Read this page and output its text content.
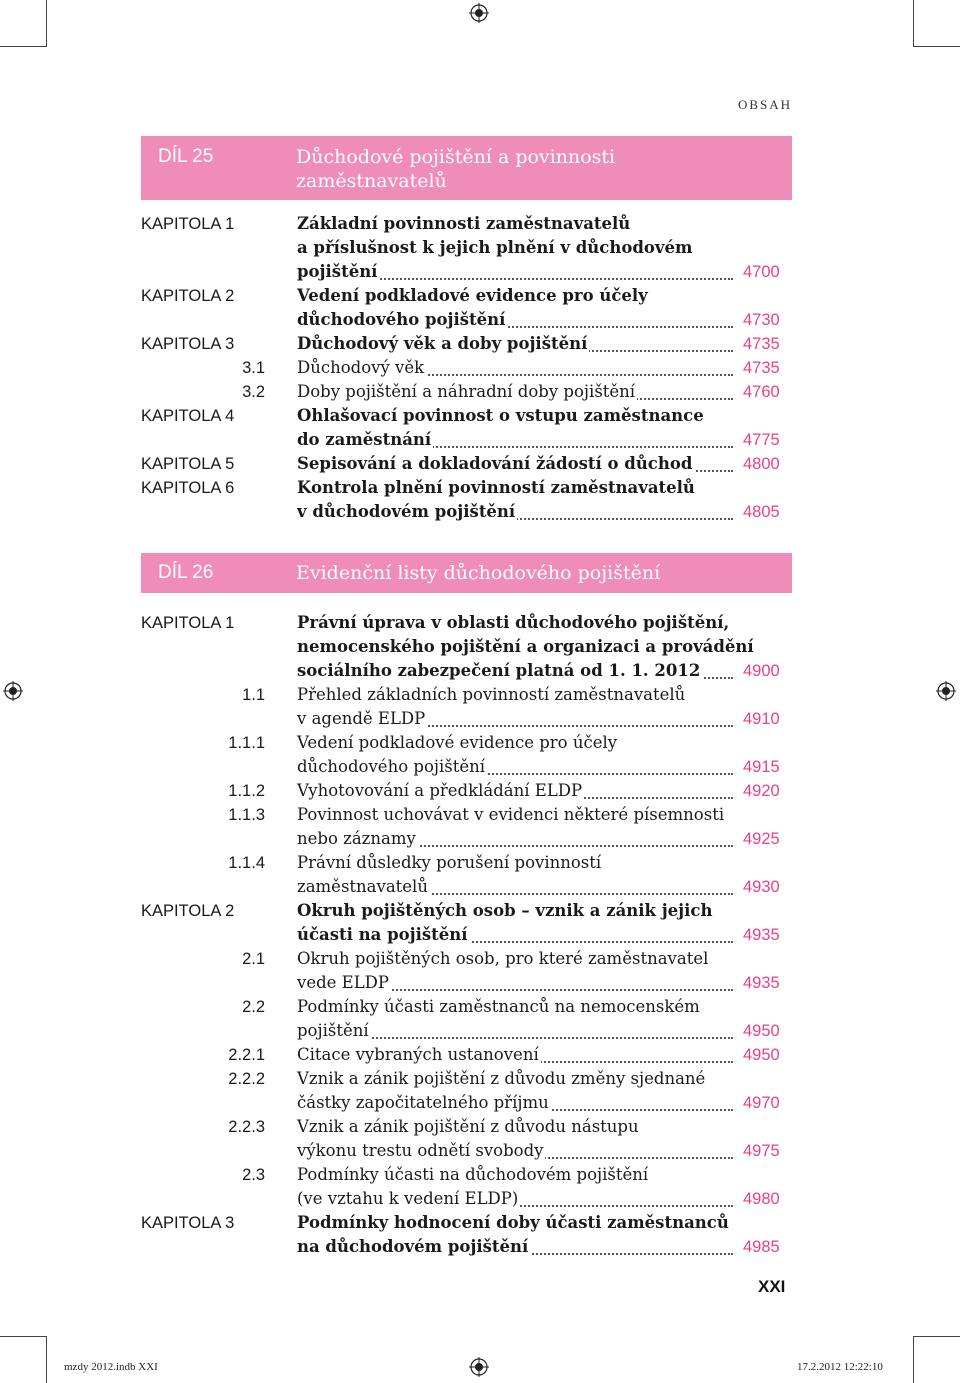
OBSAH
DÍL 25	Důchodové pojištění a povinnosti
zaměstnavatelů
KAPITOLA 1	Základní povinnosti zaměstnavatelů
a příslušnost k jejich plnění v důchodovém
pojištění	4700
KAPITOLA 2	Vedení podkladové evidence pro účely
důchodového pojištění	4730
KAPITOLA 3	Důchodový věk a doby pojištění	4735
3.1 Důchodový věk	4735
3.2 Doby pojištění a náhradní doby pojištění	4760
KAPITOLA 4	Ohlašovací povinnost o vstupu zaměstnance
do zaměstnání	4775
KAPITOLA 5	Sepisování a dokladování žádostí o důchod	4800
KAPITOLA 6	Kontrola plnění povinností zaměstnavatelů
v důchodovém pojištění	4805
DÍL 26	Evidenční listy důchodového pojištění
KAPITOLA 1	Právní úprava v oblasti důchodového pojištění,
nemocenského pojištění a organizaci a provádění
sociálního zabezpečení platná od 1. 1. 2012	4900
1.1 Přehled základních povinností zaměstnavatelů
v agendě ELDP	4910
1.1.1 Vedení podkladové evidence pro účely
důchodového pojištění	4915
1.1.2 Vyhotovování a předkládání ELDP	4920
1.1.3 Povinnost uchovávat v evidenci některé písemnosti
nebo záznamy	4925
1.1.4 Právní důsledky porušení povinností
zaměstnavatelů	4930
KAPITOLA 2	Okruh pojištěných osob – vznik a zánik jejich
účasti na pojištění	4935
2.1 Okruh pojištěných osob, pro které zaměstnavatel
vede ELDP	4935
2.2 Podmínky účasti zaměstnanců na nemocenském
pojištění	4950
2.2.1 Citace vybraných ustanovení	4950
2.2.2 Vznik a zánik pojištění z důvodu změny sjednané
částky započitatelného příjmu	4970
2.2.3 Vznik a zánik pojištění z důvodu nástupu
výkonu trestu odnětí svobody	4975
2.3 Podmínky účasti na důchodovém pojištění
(ve vztahu k vedení ELDP)	4980
KAPITOLA 3	Podmínky hodnocení doby účasti zaměstnanců
na důchodovém pojištění	4985
XXI
mzdy 2012.indb XXI	17.2.2012 12:22:10
